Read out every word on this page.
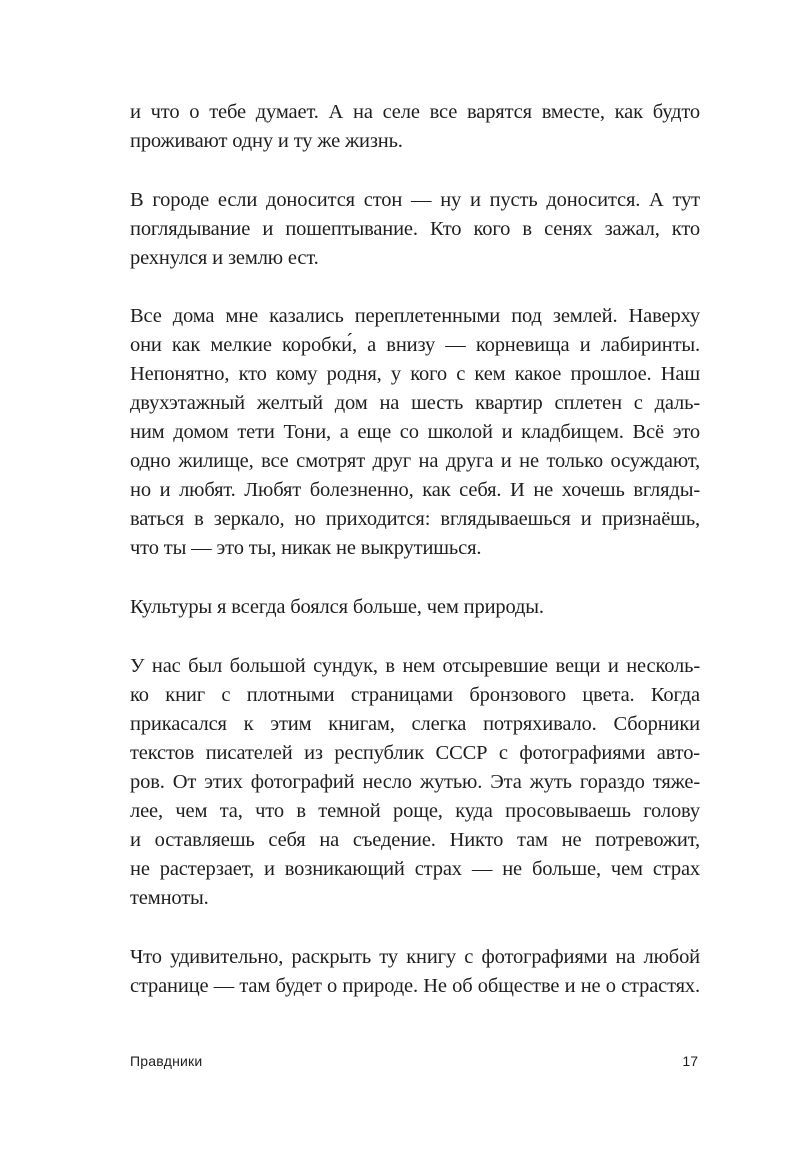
и что о тебе думает. А на селе все варятся вместе, как будто
проживают одну и ту же жизнь.
В городе если доносится стон — ну и пусть доносится. А тут
поглядывание и пошептывание. Кто кого в сенях зажал, кто
рехнулся и землю ест.
Все дома мне казались переплетенными под землей. Наверху
они как мелкие коробки́, а внизу — корневища и лабиринты.
Непонятно, кто кому родня, у кого с кем какое прошлое. Наш
двухэтажный желтый дом на шесть квартир сплетен с даль-
ним домом тети Тони, а еще со школой и кладбищем. Всё это
одно жилище, все смотрят друг на друга и не только осуждают,
но и любят. Любят болезненно, как себя. И не хочешь вгляды-
ваться в зеркало, но приходится: вглядываешься и признаёшь,
что ты — это ты, никак не выкрутишься.
Культуры я всегда боялся больше, чем природы.
У нас был большой сундук, в нем отсыревшие вещи и несколь-
ко книг с плотными страницами бронзового цвета. Когда
прикасался к этим книгам, слегка потряхивало. Сборники
текстов писателей из республик СССР с фотографиями авто-
ров. От этих фотографий несло жутью. Эта жуть гораздо тяже-
лее, чем та, что в темной роще, куда просовываешь голову
и оставляешь себя на съедение. Никто там не потревожит,
не растерзает, и возникающий страх — не больше, чем страх
темноты.
Что удивительно, раскрыть ту книгу с фотографиями на любой
странице — там будет о природе. Не об обществе и не о страстях.
Правдники	17
